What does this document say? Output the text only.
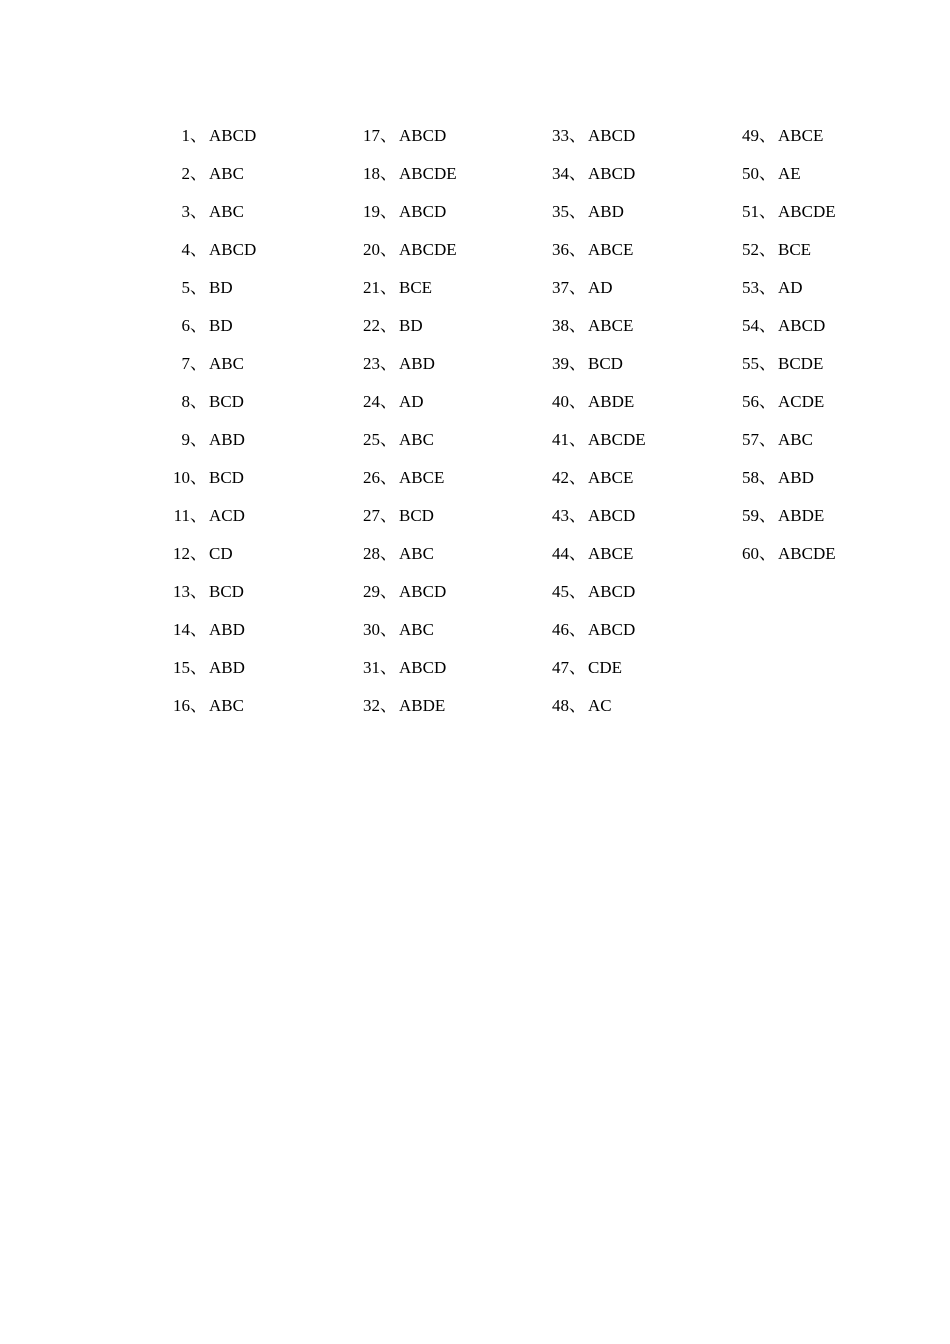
1、 ABCD
2、 ABC
3、 ABC
4、 ABCD
5、 BD
6、 BD
7、 ABC
8、 BCD
9、 ABD
10、 BCD
11、 ACD
12、 CD
13、 BCD
14、 ABD
15、 ABD
16、 ABC
17、 ABCD
18、 ABCDE
19、 ABCD
20、 ABCDE
21、 BCE
22、 BD
23、 ABD
24、 AD
25、 ABC
26、 ABCE
27、 BCD
28、 ABC
29、 ABCD
30、 ABC
31、 ABCD
32、 ABDE
33、 ABCD
34、 ABCD
35、 ABD
36、 ABCE
37、 AD
38、 ABCE
39、 BCD
40、 ABDE
41、 ABCDE
42、 ABCE
43、 ABCD
44、 ABCE
45、 ABCD
46、 ABCD
47、 CDE
48、 AC
49、 ABCE
50、 AE
51、 ABCDE
52、 BCE
53、 AD
54、 ABCD
55、 BCDE
56、 ACDE
57、 ABC
58、 ABD
59、 ABDE
60、 ABCDE
